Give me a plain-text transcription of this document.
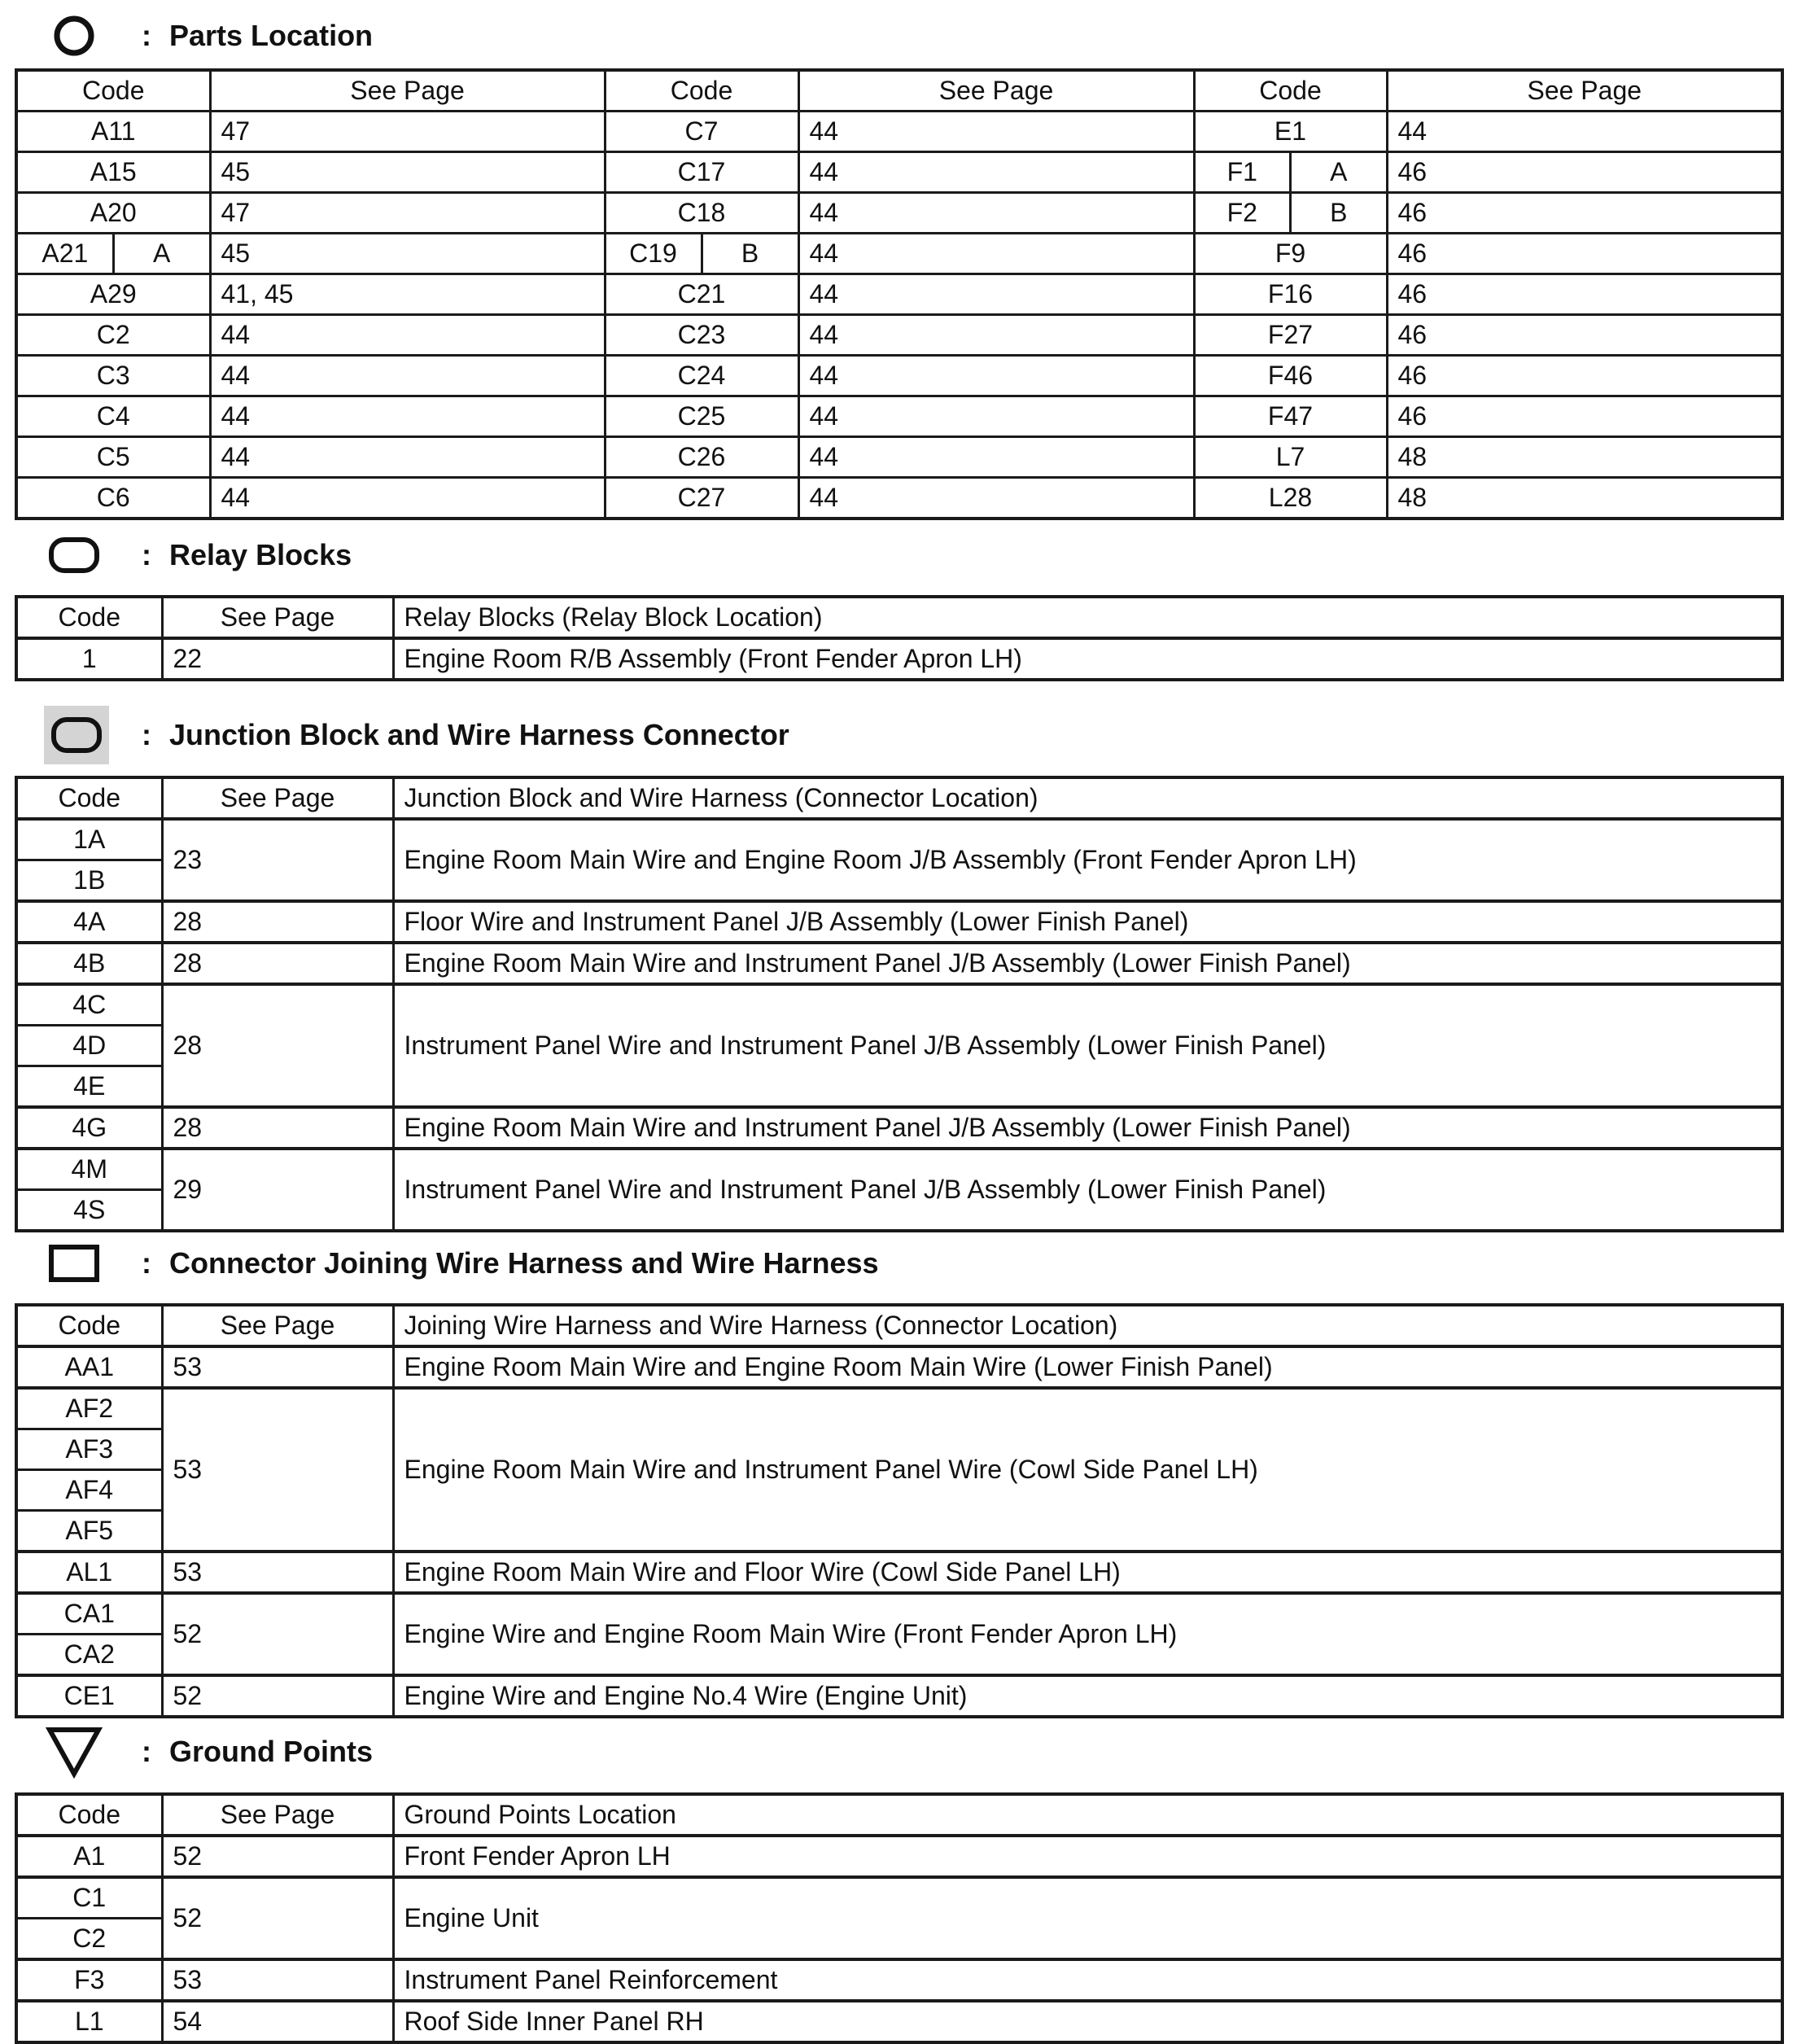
: Parts Location
Code	See Page	Code	See Page	Code	See Page
A11	47	C7	44	E1	44
A15	45	C17	44	F1 A	46
A20	47	C18	44	F2 B	46

A21 A	45	C19 B	44	F9	46
A29	41, 45	C21	44	F16	46
C2	44	C23	44	F27	46
C3	44	C24	44	F46	46
C4	44	C25	44	F47	46
C5	44	C26	44	L7	48
C6	44	C27	44	L28	48
: Relay Blocks
Code	See Page	Relay Blocks (Relay Block Location)
1	22	Engine Room R/B Assembly (Front Fender Apron LH)
: Junction Block and Wire Harness Connector
Code	See Page	Junction Block and Wire Harness (Connector Location)
1A	23	Engine Room Main Wire and Engine Room J/B Assembly (Front Fender Apron LH)
1B		
4A	28	Floor Wire and Instrument Panel J/B Assembly (Lower Finish Panel)
4B	28	Engine Room Main Wire and Instrument Panel J/B Assembly (Lower Finish Panel)
4C	28	Instrument Panel Wire and Instrument Panel J/B Assembly (Lower Finish Panel)
4D		
4E		
4G	28	Engine Room Main Wire and Instrument Panel J/B Assembly (Lower Finish Panel)
4M	29	Instrument Panel Wire and Instrument Panel J/B Assembly (Lower Finish Panel)
4S		
: Connector Joining Wire Harness and Wire Harness
Code	See Page	Joining Wire Harness and Wire Harness (Connector Location)
AA1	53	Engine Room Main Wire and Engine Room Main Wire (Lower Finish Panel)
AF2	53	Engine Room Main Wire and Instrument Panel Wire (Cowl Side Panel LH)
AF3		
AF4		
AF5		
AL1	53	Engine Room Main Wire and Floor Wire (Cowl Side Panel LH)
CA1	52	Engine Wire and Engine Room Main Wire (Front Fender Apron LH)
CA2		
CE1	52	Engine Wire and Engine No.4 Wire (Engine Unit)
: Ground Points
Code	See Page	Ground Points Location
A1	52	Front Fender Apron LH
C1	52	Engine Unit
C2		
F3	53	Instrument Panel Reinforcement
L1	54	Roof Side Inner Panel RH
